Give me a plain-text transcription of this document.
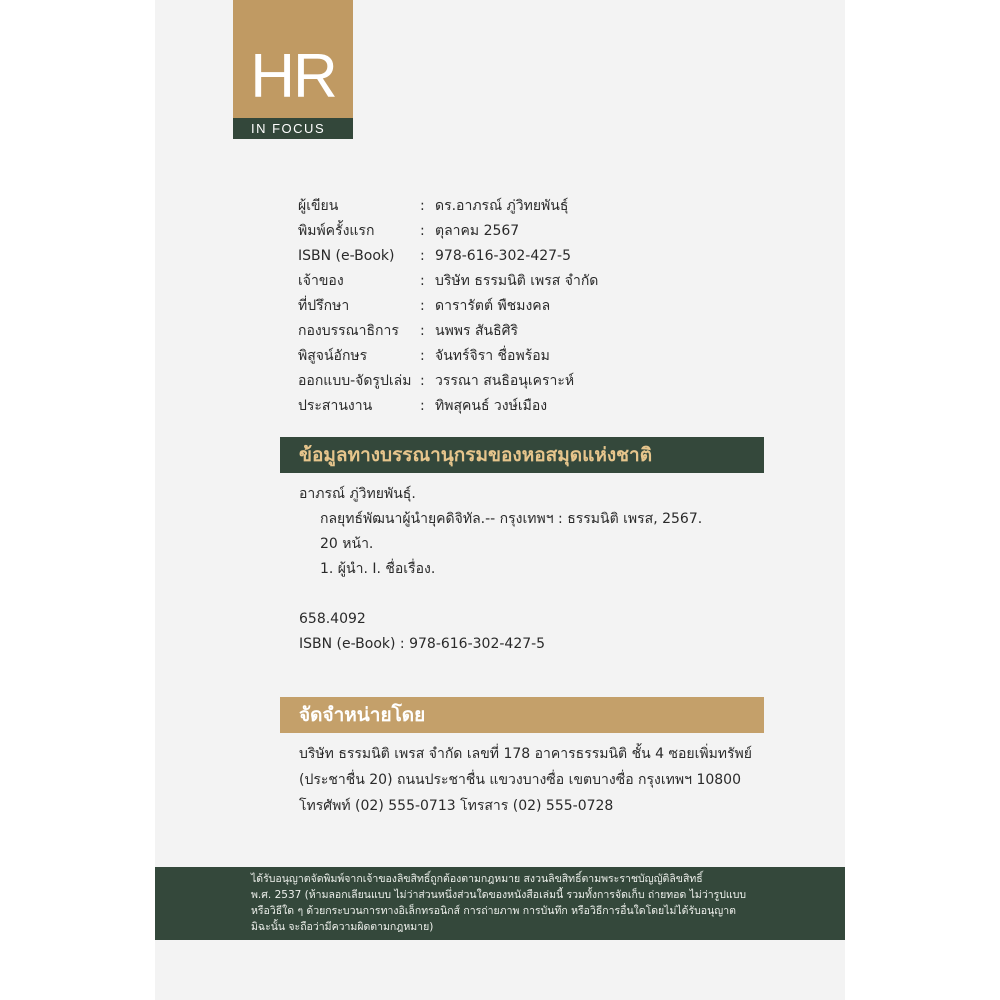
HR
IN FOCUS
ผู้เขียน	: ดร.อาภรณ์ ภู่วิทยพันธุ์
พิมพ์ครั้งแรก	: ตุลาคม 2567
ISBN (e-Book) : 978-616-302-427-5
เจ้าของ	: บริษัท ธรรมนิติ เพรส จำกัด
ที่ปรึกษา	: ดารารัตต์ พืชมงคล
กองบรรณาธิการ : นพพร สันธิศิริ
พิสูจน์อักษร	: จันทร์จิรา ชื่อพร้อม
ออกแบบ-จัดรูปเล่ม : วรรณา สนธิอนุเคราะห์
ประสานงาน	: ทิพสุคนธ์ วงษ์เมือง
ข้อมูลทางบรรณานุกรมของหอสมุดแห่งชาติ
อาภรณ์ ภู่วิทยพันธุ์.
กลยุทธ์พัฒนาผู้นำยุคดิจิทัล.-- กรุงเทพฯ : ธรรมนิติ เพรส, 2567.
20 หน้า.
1. ผู้นำ. I. ชื่อเรื่อง.
658.4092
ISBN (e-Book) : 978-616-302-427-5
จัดจำหน่ายโดย
บริษัท ธรรมนิติ เพรส จำกัด เลขที่ 178 อาคารธรรมนิติ ชั้น 4 ซอยเพิ่มทรัพย์
(ประชาชื่น 20) ถนนประชาชื่น แขวงบางซื่อ เขตบางซื่อ กรุงเทพฯ 10800
โทรศัพท์ (02) 555-0713 โทรสาร (02) 555-0728
ได้รับอนุญาตจัดพิมพ์จากเจ้าของลิขสิทธิ์ถูกต้องตามกฎหมาย สงวนลิขสิทธิ์ตามพระราชบัญญัติลิขสิทธิ์
พ.ศ. 2537 (ห้ามลอกเลียนแบบ ไม่ว่าส่วนหนึ่งส่วนใดของหนังสือเล่มนี้ รวมทั้งการจัดเก็บ ถ่ายทอด ไม่ว่ารูปแบบ
หรือวิธีใด ๆ ด้วยกระบวนการทางอิเล็กทรอนิกส์ การถ่ายภาพ การบันทึก หรือวิธีการอื่นใดโดยไม่ได้รับอนุญาต
มิฉะนั้น จะถือว่ามีความผิดตามกฎหมาย)
